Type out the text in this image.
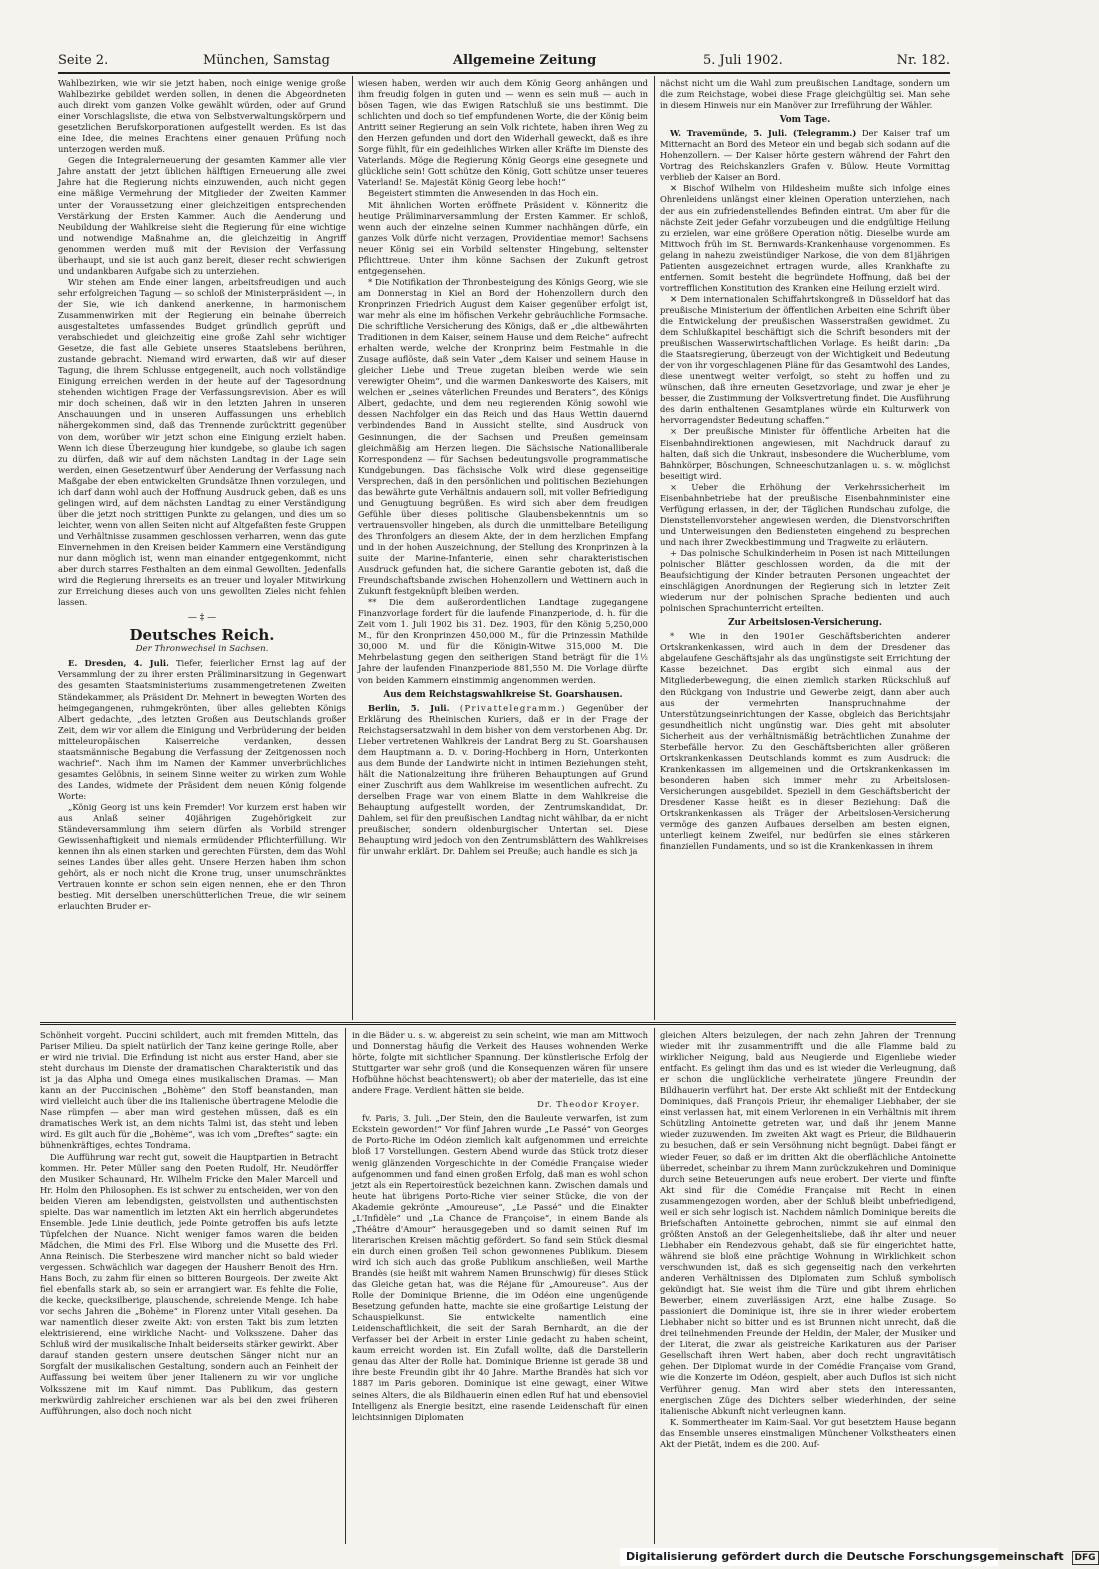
Seite 2.	München, Samstag	Allgemeine Zeitung	5. Juli 1902.	Nr. 182.

Wahlbezirken, wie wir sie jetzt haben, noch einige wenige große Wahlbezirke gebildet werden sollen, in denen die Abgeordneten auch direkt vom ganzen Volke gewählt würden, oder auf Grund einer Vorschlagsliste, die etwa von Selbstverwaltungskörpern und gesetzlichen Berufskorporationen aufgestellt werden. Es ist das eine Idee, die meines Erachtens einer genauen Prüfung noch unterzogen werden muß.

Gegen die Integralerneuerung der gesamten Kammer alle vier Jahre anstatt der jetzt üblichen hälftigen Erneuerung alle zwei Jahre hat die Regierung nichts einzuwenden, auch nicht gegen eine mäßige Vermehrung der Mitglieder der Zweiten Kammer unter der Voraussetzung einer gleichzeitigen entsprechenden Verstärkung der Ersten Kammer. Auch die Aenderung und Neubildung der Wahlkreise sieht die Regierung für eine wichtige und notwendige Maßnahme an, die gleichzeitig in Angriff genommen werden muß mit der Revision der Verfassung überhaupt, und sie ist auch ganz bereit, dieser recht schwierigen und undankbaren Aufgabe sich zu unterziehen.

Wir stehen am Ende einer langen, arbeitsfreudigen und auch sehr erfolgreichen Tagung — so schloß der Ministerpräsident —, in der Sie, wie ich dankend anerkenne, in harmonischem Zusammenwirken mit der Regierung ein beinahe überreich ausgestaltetes umfassendes Budget gründlich geprüft und verabschiedet und gleichzeitig eine große Zahl sehr wichtiger Gesetze, die fast alle Gebiete unseres Staatslebens berühren, zustande gebracht. Niemand wird erwarten, daß wir auf dieser Tagung, die ihrem Schlusse entgegeneilt, auch noch vollständige Einigung erreichen werden in der heute auf der Tagesordnung stehenden wichtigen Frage der Verfassungsrevision. Aber es will mir doch scheinen, daß wir in den letzten Jahren in unseren Anschauungen und in unseren Auffassungen uns erheblich nähergekommen sind, daß das Trennende zurücktritt gegenüber von dem, worüber wir jetzt schon eine Einigung erzielt haben. Wenn ich diese Überzeugung hier kundgebe, so glaube ich sagen zu dürfen, daß wir auf dem nächsten Landtag in der Lage sein werden, einen Gesetzentwurf über Aenderung der Verfassung nach Maßgabe der eben entwickelten Grundsätze Ihnen vorzulegen, und ich darf dann wohl auch der Hoffnung Ausdruck geben, daß es uns gelingen wird, auf dem nächsten Landtag zu einer Verständigung über die jetzt noch strittigen Punkte zu gelangen, und dies um so leichter, wenn von allen Seiten nicht auf Altgefaßten feste Gruppen und Verhältnisse zusammen geschlossen verharren, wenn das gute Einvernehmen in den Kreisen beider Kammern eine Verständigung nur dann möglich ist, wenn man einander entgegenkommt, nicht aber durch starres Festhalten an dem einmal Gewollten. Jedenfalls wird die Regierung ihrerseits es an treuer und loyaler Mitwirkung zur Erreichung dieses auch von uns gewollten Zieles nicht fehlen lassen.

— ‡ —
Deutsches Reich.
Der Thronwechsel in Sachsen.

E. Dresden, 4. Juli. Tiefer, feierlicher Ernst lag auf der Versammlung der zu ihrer ersten Präliminarsitzung in Gegenwart des gesamten Staatsministeriums zusammengetretenen Zweiten Ständekammer, als Präsident Dr. Mehnert in bewegten Worten des heimgegangenen, ruhmgekrönten, über alles geliebten Königs Albert gedachte, „des letzten Großen aus Deutschlands großer Zeit, dem wir vor allem die Einigung und Verbrüderung der beiden mitteleuropäischen Kaiserreiche verdanken, dessen staatsmännische Begabung die Verfassung der Zeitgenossen noch wachrief“. Nach ihm im Namen der Kammer unverbrüchliches gesamtes Gelöbnis, in seinem Sinne weiter zu wirken zum Wohle des Landes, widmete der Präsident dem neuen König folgende Worte:

„König Georg ist uns kein Fremder! Vor kurzem erst haben wir aus Anlaß seiner 40jährigen Zugehörigkeit zur Ständeversammlung ihm seiern dürfen als Vorbild strenger Gewissenhaftigkeit und niemals ermüdender Pflichterfüllung. Wir kennen ihn als einen starken und gerechten Fürsten, dem das Wohl seines Landes über alles geht. Unsere Herzen haben ihm schon gehört, als er noch nicht die Krone trug, unser unumschränktes Vertrauen konnte er schon sein eigen nennen, ehe er den Thron bestieg. Mit derselben unerschütterlichen Treue, die wir seinem erlauchten Bruder er-

wiesen haben, werden wir auch dem König Georg anhängen und ihm freudig folgen in guten und — wenn es sein muß — auch in bösen Tagen, wie das Ewigen Ratschluß sie uns bestimmt. Die schlichten und doch so tief empfundenen Worte, die der König beim Antritt seiner Regierung an sein Volk richtete, haben ihren Weg zu den Herzen gefunden und dort den Widerhall geweckt, daß es ihre Sorge fühlt, für ein gedeihliches Wirken aller Kräfte im Dienste des Vaterlands. Möge die Regierung König Georgs eine gesegnete und glückliche sein! Gott schütze den König, Gott schütze unser teueres Vaterland! Se. Majestät König Georg lebe hoch!“

Begeistert stimmten die Anwesenden in das Hoch ein.

Mit ähnlichen Worten eröffnete Präsident v. Könneritz die heutige Präliminarversammlung der Ersten Kammer. Er schloß, wenn auch der einzelne seinen Kummer nachhängen dürfe, ein ganzes Volk dürfe nicht verzagen, Providentiae memor! Sachsens neuer König sei ein Vorbild seltenster Hingebung, seltenster Pflichttreue. Unter ihm könne Sachsen der Zukunft getrost entgegensehen.

* Die Notifikation der Thronbesteigung des Königs Georg, wie sie am Donnerstag in Kiel an Bord der Hohenzollern durch den Kronprinzen Friedrich August dem Kaiser gegenüber erfolgt ist, war mehr als eine im höfischen Verkehr gebräuchliche Formsache. Die schriftliche Versicherung des Königs, daß er „die altbewährten Traditionen in dem Kaiser, seinem Hause und dem Reiche“ aufrecht erhalten werde, welche der Kronprinz beim Festmahle in die Zusage auflöste, daß sein Vater „dem Kaiser und seinem Hause in gleicher Liebe und Treue zugetan bleiben werde wie sein verewigter Oheim“, und die warmen Dankesworte des Kaisers, mit welchen er „seines väterlichen Freundes und Beraters“, des Königs Albert, gedachte, und dem neu regierenden König sowohl wie dessen Nachfolger ein das Reich und das Haus Wettin dauernd verbindendes Band in Aussicht stellte, sind Ausdruck von Gesinnungen, die der Sachsen und Preußen gemeinsam gleichmäßig am Herzen liegen. Die Sächsische Nationalliberale Korrespondenz — für Sachsen bedeutungsvolle programmatische Kundgebungen. Das fächsische Volk wird diese gegenseitige Versprechen, daß in den persönlichen und politischen Beziehungen das bewährte gute Verhältnis andauern soll, mit voller Befriedigung und Genugtuung begrüßen. Es wird sich aber dem freudigen Gefühle über dieses politische Glaubensbekenntnis um so vertrauensvoller hingeben, als durch die unmittelbare Beteiligung des Thronfolgers an diesem Akte, der in dem herzlichen Empfang und in der hohen Auszeichnung, der Stellung des Kronprinzen à la suite der Marine-Infanterie, einen sehr charakteristischen Ausdruck gefunden hat, die sichere Garantie geboten ist, daß die Freundschaftsbande zwischen Hohenzollern und Wettinern auch in Zukunft festgeknüpft bleiben werden.

** Die dem außerordentlichen Landtage zugegangene Finanzvorlage fordert für die laufende Finanzperiode, d. h. für die Zeit vom 1. Juli 1902 bis 31. Dez. 1903, für den König 5,250,000 M., für den Kronprinzen 450,000 M., für die Prinzessin Mathilde 30,000 M. und für die Königin-Witwe 315,000 M. Die Mehrbelastung gegen den seitherigen Stand beträgt für die 1½ Jahre der laufenden Finanzperiode 881,550 M. Die Vorlage dürfte von beiden Kammern einstimmig angenommen werden.

Aus dem Reichstagswahlkreise St. Goarshausen.

Berlin, 5. Juli. (Privattelegramm.) Gegenüber der Erklärung des Rheinischen Kuriers, daß er in der Frage der Reichstagsersatzwahl in dem bisher von dem verstorbenen Abg. Dr. Lieber vertretenen Wahlkreis der Landrat Berg zu St. Goarshausen dem Hauptmann a. D. v. Doring-Hochberg in Horn, Unterkonten aus dem Bunde der Landwirte nicht in intimen Beziehungen steht, hält die Nationalzeitung ihre früheren Behauptungen auf Grund einer Zuschrift aus dem Wahlkreise im wesentlichen aufrecht. Zu derselben Frage war von einem Blatte in dem Wahlkreise die Behauptung aufgestellt worden, der Zentrumskandidat, Dr. Dahlem, sei für den preußischen Landtag nicht wählbar, da er nicht preußischer, sondern oldenburgischer Untertan sei. Diese Behauptung wird jedoch von den Zentrumsblättern des Wahlkreises für unwahr erklärt. Dr. Dahlem sei Preuße; auch handle es sich ja

nächst nicht um die Wahl zum preußischen Landtage, sondern um die zum Reichstage, wobei diese Frage gleichgültig sei. Man sehe in diesem Hinweis nur ein Manöver zur Irreführung der Wähler.

Vom Tage.

W. Travemünde, 5. Juli. (Telegramm.) Der Kaiser traf um Mitternacht an Bord des Meteor ein und begab sich sodann auf die Hohenzollern. — Der Kaiser hörte gestern während der Fahrt den Vortrag des Reichskanzlers Grafen v. Bülow. Heute Vormittag verblieb der Kaiser an Bord.

✕ Bischof Wilhelm von Hildesheim mußte sich infolge eines Ohrenleidens unlängst einer kleinen Operation unterziehen, nach der aus ein zufriedenstellendes Befinden eintrat. Um aber für die nächste Zeit jeder Gefahr vorzubeugen und die endgültige Heilung zu erzielen, war eine größere Operation nötig. Dieselbe wurde am Mittwoch früh im St. Bernwards-Krankenhause vorgenommen. Es gelang in nahezu zweistündiger Narkose, die von dem 81jährigen Patienten ausgezeichnet ertragen wurde, alles Krankhafte zu entfernen. Somit besteht die begründete Hoffnung, daß bei der vortrefflichen Konstitution des Kranken eine Heilung erzielt wird.

✕ Dem internationalen Schiffahrtskongreß in Düsseldorf hat das preußische Ministerium der öffentlichen Arbeiten eine Schrift über die Entwickelung der preußischen Wasserstraßen gewidmet. Zu dem Schlußkapitel beschäftigt sich die Schrift besonders mit der preußischen Wasserwirtschaftlichen Vorlage. Es heißt darin: „Da die Staatsregierung, überzeugt von der Wichtigkeit und Bedeutung der von ihr vorgeschlagenen Pläne für das Gesamtwohl des Landes, diese unentwegt weiter verfolgt, so steht zu hoffen und zu wünschen, daß ihre erneuten Gesetzvorlage, und zwar je eher je besser, die Zustimmung der Volksvertretung findet. Die Ausführung des darin enthaltenen Gesamtplanes würde ein Kulturwerk von hervorragendster Bedeutung schaffen.“

× Der preußische Minister für öffentliche Arbeiten hat die Eisenbahndirektionen angewiesen, mit Nachdruck darauf zu halten, daß sich die Unkraut, insbesondere die Wucherblume, vom Bahnkörper, Böschungen, Schneeschutzanlagen u. s. w. möglichst beseitigt wird.

× Ueber die Erhöhung der Verkehrssicherheit im Eisenbahnbetriebe hat der preußische Eisenbahnminister eine Verfügung erlassen, in der, der Täglichen Rundschau zufolge, die Dienststellenvorsteher angewiesen werden, die Dienstvorschriften und Unterweisungen den Bediensteten eingehend zu besprechen und nach ihrer Zweckbestimmung und Tragweite zu erläutern.

+ Das polnische Schulkinderheim in Posen ist nach Mitteilungen polnischer Blätter geschlossen worden, da die mit der Beaufsichtigung der Kinder betrauten Personen ungeachtet der einschlägigen Anordnungen der Regierung sich in letzter Zeit wiederum nur der polnischen Sprache bedienten und auch polnischen Sprachunterricht erteilten.

Zur Arbeitslosen-Versicherung.

* Wie in den 1901er Geschäftsberichten anderer Ortskrankenkassen, wird auch in dem der Dresdener das abgelaufene Geschäftsjahr als das ungünstigste seit Errichtung der Kasse bezeichnet. Das ergibt sich einmal aus der Mitgliederbewegung, die einen ziemlich starken Rückschluß auf den Rückgang von Industrie und Gewerbe zeigt, dann aber auch aus der vermehrten Inanspruchnahme der Unterstützungseinrichtungen der Kasse, obgleich das Berichtsjahr gesundheitlich nicht ungünstig war. Dies geht mit absoluter Sicherheit aus der verhältnismäßig beträchtlichen Zunahme der Sterbefälle hervor. Zu den Geschäftsberichten aller größeren Ortskrankenkassen Deutschlands kommt es zum Ausdruck: die Krankenkassen im allgemeinen und die Ortskrankenkassen im besonderen haben sich immer mehr zu Arbeitslosen-Versicherungen ausgebildet. Speziell in dem Geschäftsbericht der Dresdener Kasse heißt es in dieser Beziehung: Daß die Ortskrankenkassen als Träger der Arbeitslosen-Versicherung vermöge des ganzen Aufbaues derselben am besten eignen, unterliegt keinem Zweifel, nur bedürfen sie eines stärkeren finanziellen Fundaments, und so ist die Krankenkassen in ihrem

Schönheit vorgeht. Puccini schildert, auch mit fremden Mitteln, das Pariser Milieu. Da spielt natürlich der Tanz keine geringe Rolle, aber er wird nie trivial. Die Erfindung ist nicht aus erster Hand, aber sie steht durchaus im Dienste der dramatischen Charakteristik und das ist ja das Alpha und Omega eines musikalischen Dramas. — Man kann an der Puccinischen „Bohème“ den Stoff beanstanden, man wird vielleicht auch über die ins Italienische übertragene Melodie die Nase rümpfen — aber man wird gestehen müssen, daß es ein dramatisches Werk ist, an dem nichts Talmi ist, das steht und leben wird. Es gilt auch für die „Bohème“, was ich vom „Dreftes“ sagte: ein bühnenkräftiges, echtes Tondrama.

Die Aufführung war recht gut, soweit die Hauptpartien in Betracht kommen. Hr. Peter Müller sang den Poeten Rudolf, Hr. Neudörffer den Musiker Schaunard, Hr. Wilhelm Fricke den Maler Marcell und Hr. Holm den Philosophen. Es ist schwer zu entscheiden, wer von den beiden Vieren am lebendigsten, geistvollsten und authentischsten spielte. Das war namentlich im letzten Akt ein herrlich abgerundetes Ensemble. Jede Linie deutlich, jede Pointe getroffen bis aufs letzte Tüpfelchen der Nuance. Nicht weniger famos waren die beiden Mädchen, die Mimi des Frl. Else Wiborg und die Musette des Frl. Anna Reinisch. Die Sterbeszene wird mancher nicht so bald wieder vergessen. Schwächlich war dagegen der Hausherr Benoit des Hrn. Hans Boch, zu zahm für einen so bitteren Bourgeois. Der zweite Akt fiel ebenfalls stark ab, so sein er arrangiert war. Es fehlte die Folie, die kecke, quecksilberige, plauschende, schreiende Menge. Ich habe vor sechs Jahren die „Bohème“ in Florenz unter Vitali gesehen. Da war namentlich dieser zweite Akt: von ersten Takt bis zum letzten elektrisierend, eine wirkliche Nacht- und Volksszene. Daher das Schluß wird der musikalische Inhalt beiderseits stärker gewirkt. Aber darauf standen gestern unsere deutschen Sänger nicht nur an Sorgfalt der musikalischen Gestaltung, sondern auch an Feinheit der Auffassung bei weitem über jener Italienern zu wir vor ungliche Volksszene mit im Kauf nimmt. Das Publikum, das gestern merkwürdig zahlreicher erschienen war als bei den zwei früheren Aufführungen, also doch noch nicht

in die Bäder u. s. w. abgereist zu sein scheint, wie man am Mittwoch und Donnerstag häufig die Verkeit des Hauses wohnenden Werke hörte, folgte mit sichtlicher Spannung. Der künstlerische Erfolg der Stuttgarter war sehr groß (und die Konsequenzen wären für unsere Hofbühne höchst beachtenswert); ob aber der materielle, das ist eine andere Frage. Verdient hätten sie beide.

Dr. Theodor Kroyer.

fv. Paris, 3. Juli. „Der Stein, den die Bauleute verwarfen, ist zum Eckstein geworden!“ Vor fünf Jahren wurde „Le Passé“ von Georges de Porto-Riche im Odéon ziemlich kalt aufgenommen und erreichte bloß 17 Vorstellungen. Gestern Abend wurde das Stück trotz dieser wenig glänzenden Vorgeschichte in der Comédie Française wieder aufgenommen und fand einen großen Erfolg, daß man es wohl schon jetzt als ein Repertoirestück bezeichnen kann. Zwischen damals und heute hat übrigens Porto-Riche vier seiner Stücke, die von der Akademie gekrönte „Amoureuse“, „Le Passé“ und die Einakter „L'Infidèle“ und „La Chance de Françoise“, in einem Bande als „Théâtre d'Amour“ herausgegeben und so damit seinen Ruf im literarischen Kreisen mächtig gefördert. So fand sein Stück diesmal ein durch einen großen Teil schon gewonnenes Publikum. Diesem wird ich sich auch das große Publikum anschließen, weil Marthe Brandès (sie heißt mit wahrem Namen Brunschwig) für dieses Stück das Gleiche getan hat, was die Réjane für „Amoureuse“. Aus der Rolle der Dominique Brienne, die im Odéon eine ungenügende Besetzung gefunden hatte, machte sie eine großartige Leistung der Schauspielkunst. Sie entwickelte namentlich eine Leidenschaftlichkeit, die seit der Sarah Bernhardt, an die der Verfasser bei der Arbeit in erster Linie gedacht zu haben scheint, kaum erreicht worden ist. Ein Zufall wollte, daß die Darstellerin genau das Alter der Rolle hat. Dominique Brienne ist gerade 38 und ihre beste Freundin gibt ihr 40 Jahre. Marthe Brandès hat sich vor 1887 im Paris geboren. Dominique ist eine gewagt, einer Witwe seines Alters, die als Bildhauerin einen edlen Ruf hat und ebensoviel Intelligenz als Energie besitzt, eine rasende Leidenschaft für einen leichtsinnigen Diplomaten

gleichen Alters beizulegen, der nach zehn Jahren der Trennung wieder mit ihr zusammentrifft und die alle Flamme bald zu wirklicher Neigung, bald aus Neugierde und Eigenliebe wieder entfacht. Es gelingt ihm das und es ist wieder die Verleugnung, daß er schon die unglückliche verheiratete jüngere Freundin der Bildhauerin verführt hat. Der erste Akt schließt mit der Entdeckung Dominiques, daß François Prieur, ihr ehemaliger Liebhaber, der sie einst verlassen hat, mit einem Verlorenen in ein Verhältnis mit ihrem Schützling Antoinette getreten war, und daß ihr jenem Manne wieder zuzuwenden. Im zweiten Akt wagt es Prieur, die Bildhauerin zu besuchen, daß er sein Versöhnung nicht begnügt. Dabei fängt er wieder Feuer, so daß er im dritten Akt die oberflächliche Antoinette überredet, scheinbar zu ihrem Mann zurückzukehren und Dominique durch seine Beteuerungen aufs neue erobert. Der vierte und fünfte Akt sind für die Comédie Française mit Recht in einen zusammengezogen worden, aber der Schluß bleibt unbefriedigend, weil er sich sehr logisch ist. Nachdem nämlich Dominique bereits die Briefschaften Antoinette gebrochen, nimmt sie auf einmal den größten Anstoß an der Gelegenheitsliebe, daß ihr alter und neuer Liebhaber ein Rendezvous gehabt, daß sie für eingerichtet hatte, während sie bloß eine prächtige Wohnung in Wirklichkeit schon verschwunden ist, daß es sich gegenseitig nach den verkehrten anderen Verhältnissen des Diplomaten zum Schluß symbolisch gekündigt hat. Sie weist ihm die Türe und gibt ihrem ehrlichen Bewerber, einem zuverlässigen Arzt, eine halbe Zusage. So passioniert die Dominique ist, ihre sie in ihrer wieder erobertem Liebhaber nicht so bitter und es ist Brunnen nicht unrecht, daß die drei teilnehmenden Freunde der Heldin, der Maler, der Musiker und der Literat, die zwar als geistreiche Karikaturen aus der Pariser Gesellschaft ihren Wert haben, aber doch recht ungravitätisch gehen. Der Diplomat wurde in der Comédie Française vom Grand, wie die Konzerte im Odéon, gespielt, aber auch Duflos ist sich nicht Verführer genug. Man wird aber stets den interessanten, energischen Züge des Dichters selber wiederhinden, der seine italienische Abkunft nicht verleugnen kann.

K. Sommertheater im Kaim-Saal. Vor gut besetztem Hause begann das Ensemble unseres einstmaligen Münchener Volkstheaters einen Akt der Pietät, indem es die 200. Auf-

Digitalisierung gefördert durch die Deutsche Forschungsgemeinschaft DFG
